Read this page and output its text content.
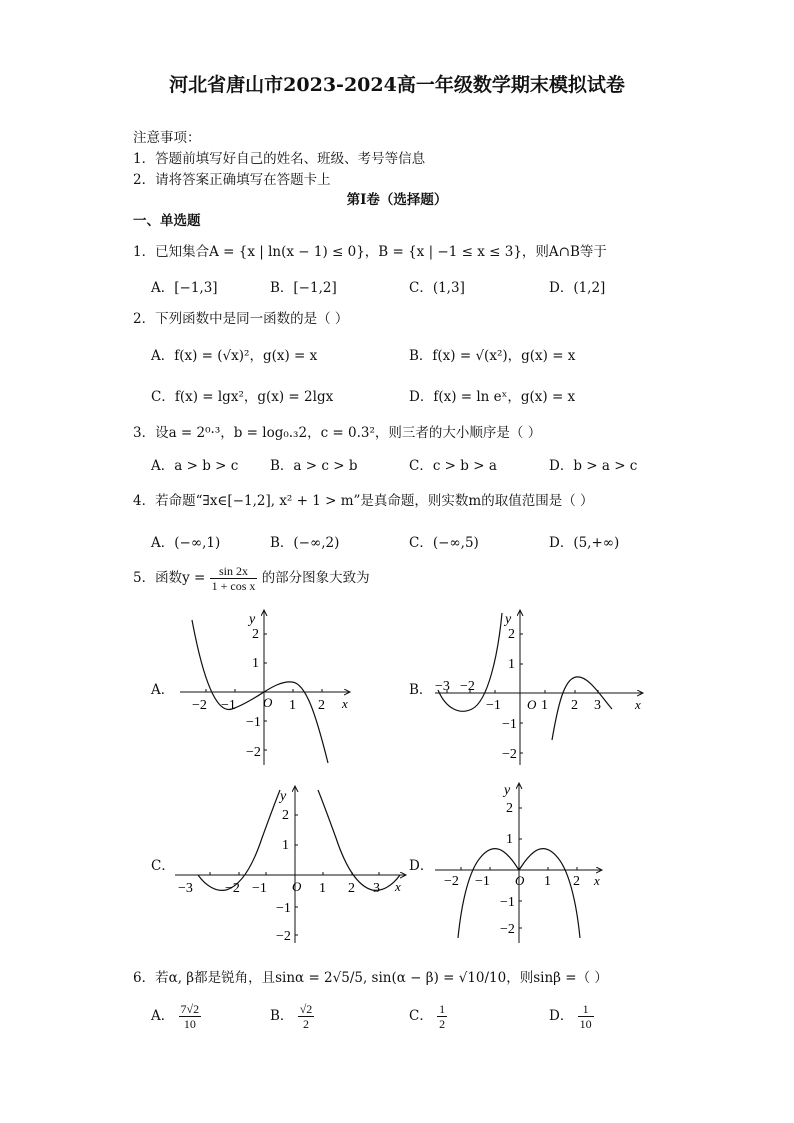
河北省唐山市2023-2024高一年级数学期末模拟试卷
注意事项：
1．答题前填写好自己的姓名、班级、考号等信息
2．请将答案正确填写在答题卡上
第I卷（选择题）
一、单选题
1．已知集合A = {x | ln(x − 1) ≤ 0}，B = {x | −1 ≤ x ≤ 3}，则A∩B等于
A．[−1,3]	B．[−1,2]	C．(1,3]	D．(1,2]
2．下列函数中是同一函数的是（ ）
A．f(x) = (√x)²，g(x) = x	B．f(x) = √(x²)，g(x) = x
C．f(x) = lgx²，g(x) = 2lgx	D．f(x) = ln eˣ，g(x) = x
3．设a = 2⁰·³，b = log₀.₃2，c = 0.3²，则三者的大小顺序是（ ）
A．a > b > c B．a > c > b	C．c > b > a	D．b > a > c
4．若命题“∃x∈[−1,2], x² + 1 > m”是真命题，则实数m的取值范围是（ ）
A．(−∞,1)	B．(−∞,2)	C．(−∞,5)	D．(5,+∞)
5．函数$y = \frac{\sin 2x}{\text{1 + cos x}}$ 的部分图象大致为
A．	B．
C．	D．
y
x
O
2
1
−1
−2
−2 −1	1 2
y
x
O
2
1
−1
−2
−3 −2
−1	1 2 3
y
x
O
2
1
−1
−2
−3 −2 −1	1 2 3
y
x
O
2
1
−1
−2
−2 −1	1 2
6．若α, β都是锐角，且sinα = 2√5/5, sin(α − β) = √10/10，则sinβ =（ ）
A． $\frac{7√2}{10}$	B． $\frac{√2}{2}$	C． $\frac{1}{2}$	D． $\frac{1}{10}$
